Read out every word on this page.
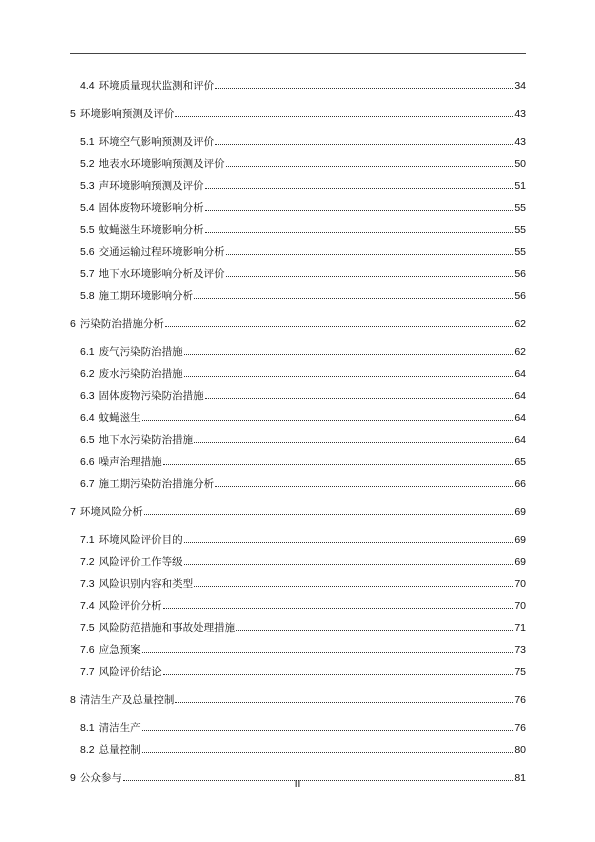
4.4 环境质量现状监测和评价	34
5 环境影响预测及评价	43
5.1 环境空气影响预测及评价	43
5.2 地表水环境影响预测及评价	50
5.3 声环境影响预测及评价	51
5.4 固体废物环境影响分析	55
5.5 蚊蝇滋生环境影响分析	55
5.6 交通运输过程环境影响分析	55
5.7 地下水环境影响分析及评价	56
5.8 施工期环境影响分析	56
6 污染防治措施分析	62
6.1 废气污染防治措施	62
6.2 废水污染防治措施	64
6.3 固体废物污染防治措施	64
6.4 蚊蝇滋生	64
6.5 地下水污染防治措施	64
6.6 噪声治理措施	65
6.7 施工期污染防治措施分析	66
7 环境风险分析	69
7.1 环境风险评价目的	69
7.2 风险评价工作等级	69
7.3 风险识别内容和类型	70
7.4 风险评价分析	70
7.5 风险防范措施和事故处理措施	71
7.6 应急预案	73
7.7 风险评价结论	75
8 清洁生产及总量控制	76
8.1 清洁生产	76
8.2 总量控制	80
9 公众参与	81
II
